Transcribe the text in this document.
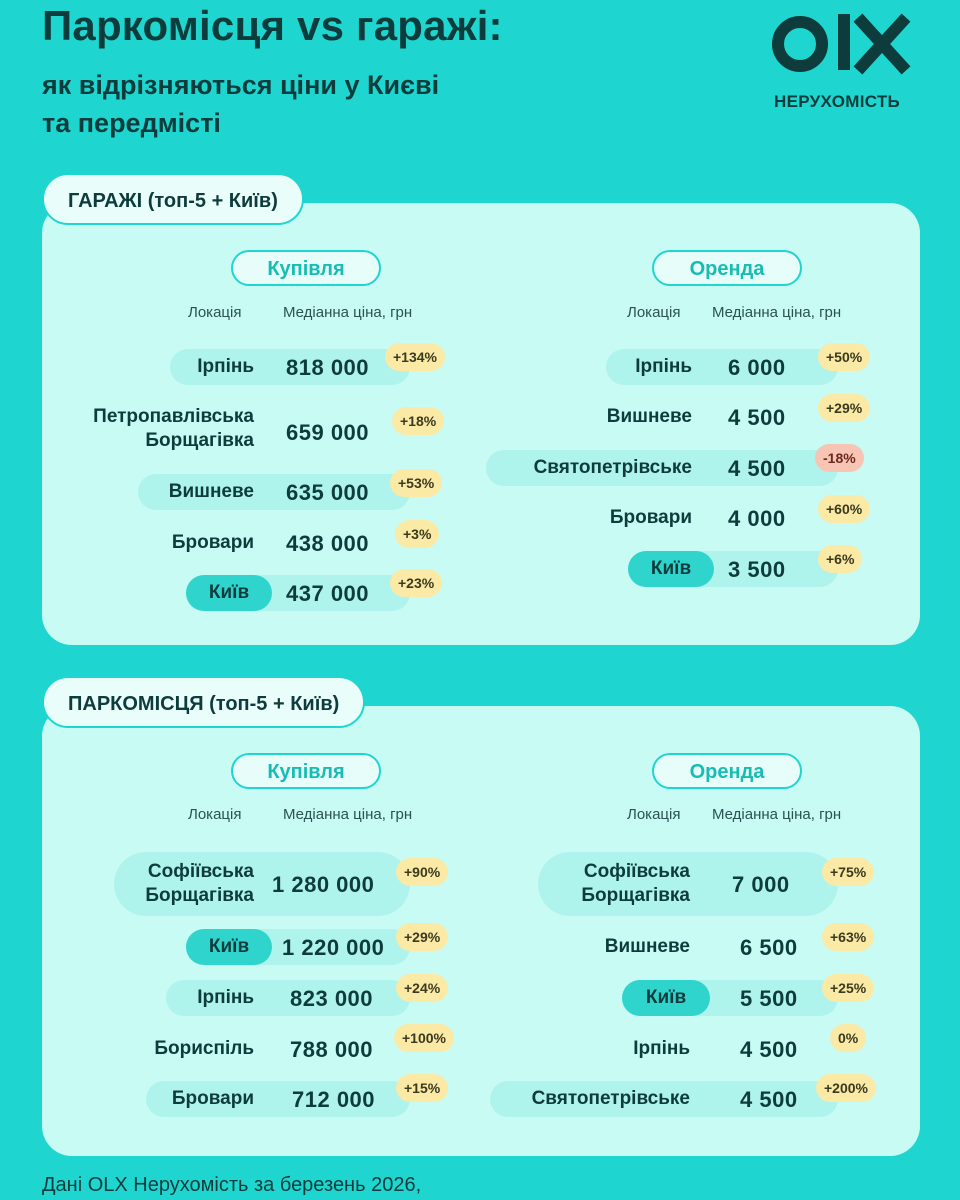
Паркомісця vs гаражі:
як відрізняються ціни у Києві
та передмісті
НЕРУХОМІСТЬ
ГАРАЖІ (топ-5 + Київ)
Купівля
Локація	Медіанна ціна, грн
Ірпінь 818 000	+134%
Петропавлівська
Борщагівка 659 000	+18%
Вишневе 635 000	+53%
Бровари 438 000	+3%
Київ	437 000	+23%
Оренда
Локація Медіанна ціна, грн
Ірпінь 6 000	+50%
Вишневе 4 500	+29%
Святопетрівське 4 500	-18%
Бровари 4 000	+60%
Київ	3 500	+6%
ПАРКОМІСЦЯ (топ-5 + Київ)
Купівля
Локація	Медіанна ціна, грн
Софіївська
Борщагівка 1 280 000	+90%
Київ	1 220 000	+29%
Ірпінь 823 000	+24%
Бориспіль 788 000	+100%
Бровари 712 000	+15%
Оренда
Локація Медіанна ціна, грн
Софіївська
Борщагівка 7 000	+75%
Вишневе 6 500	+63%
Київ	5 500	+25%
Ірпінь 4 500	0%
Святопетрівське 4 500	+200%
Дані OLX Нерухомість за березень 2026,
